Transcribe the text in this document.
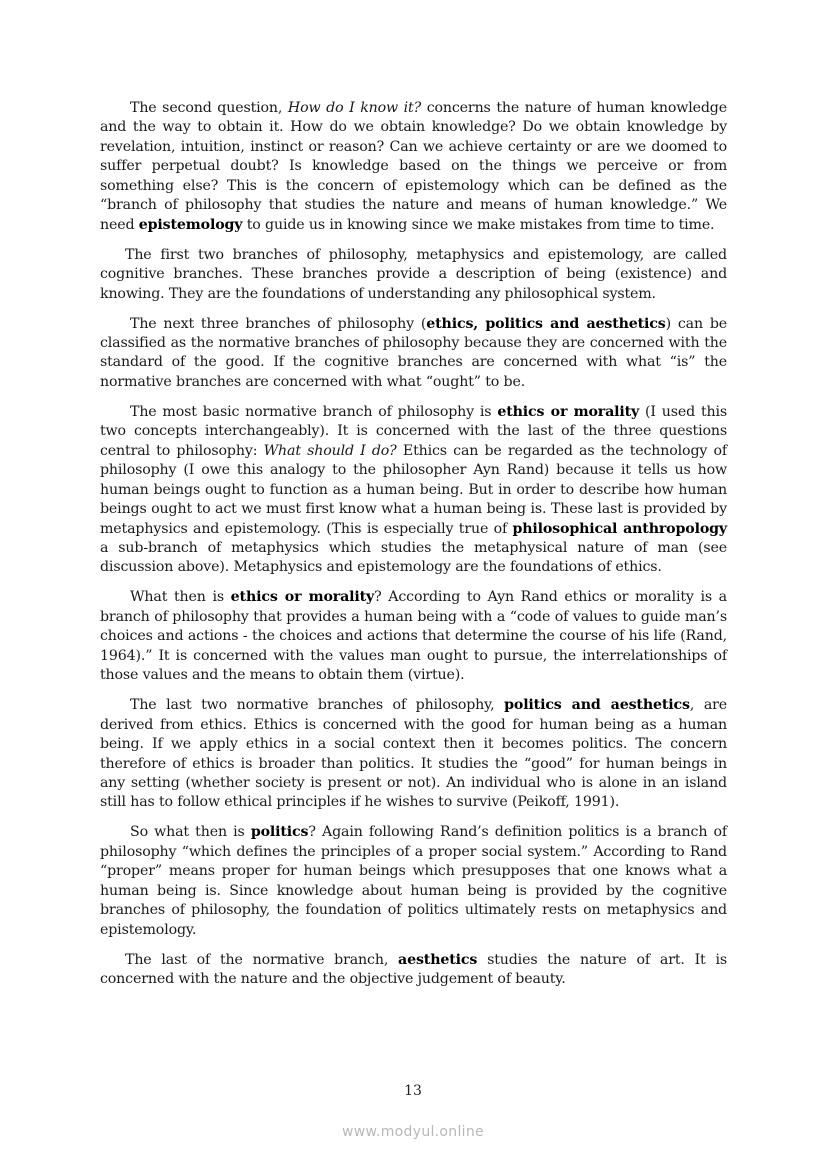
The second question, How do I know it? concerns the nature of human knowledge and the way to obtain it. How do we obtain knowledge? Do we obtain knowledge by revelation, intuition, instinct or reason? Can we achieve certainty or are we doomed to suffer perpetual doubt? Is knowledge based on the things we perceive or from something else? This is the concern of epistemology which can be defined as the “branch of philosophy that studies the nature and means of human knowledge.” We need epistemology to guide us in knowing since we make mistakes from time to time.

The first two branches of philosophy, metaphysics and epistemology, are called cognitive branches. These branches provide a description of being (existence) and knowing. They are the foundations of understanding any philosophical system.

The next three branches of philosophy (ethics, politics and aesthetics) can be classified as the normative branches of philosophy because they are concerned with the standard of the good. If the cognitive branches are concerned with what “is” the normative branches are concerned with what “ought” to be.

The most basic normative branch of philosophy is ethics or morality (I used this two concepts interchangeably). It is concerned with the last of the three questions central to philosophy: What should I do? Ethics can be regarded as the technology of philosophy (I owe this analogy to the philosopher Ayn Rand) because it tells us how human beings ought to function as a human being. But in order to describe how human beings ought to act we must first know what a human being is. These last is provided by metaphysics and epistemology. (This is especially true of philosophical anthropology a sub-branch of metaphysics which studies the metaphysical nature of man (see discussion above). Metaphysics and epistemology are the foundations of ethics.

What then is ethics or morality? According to Ayn Rand ethics or morality is a branch of philosophy that provides a human being with a “code of values to guide man’s choices and actions - the choices and actions that determine the course of his life (Rand, 1964).” It is concerned with the values man ought to pursue, the interrelationships of those values and the means to obtain them (virtue).

The last two normative branches of philosophy, politics and aesthetics, are derived from ethics. Ethics is concerned with the good for human being as a human being. If we apply ethics in a social context then it becomes politics. The concern therefore of ethics is broader than politics. It studies the “good” for human beings in any setting (whether society is present or not). An individual who is alone in an island still has to follow ethical principles if he wishes to survive (Peikoff, 1991).

So what then is politics? Again following Rand’s definition politics is a branch of philosophy “which defines the principles of a proper social system.” According to Rand “proper” means proper for human beings which presupposes that one knows what a human being is. Since knowledge about human being is provided by the cognitive branches of philosophy, the foundation of politics ultimately rests on metaphysics and epistemology.

The last of the normative branch, aesthetics studies the nature of art. It is concerned with the nature and the objective judgement of beauty.

13
www.modyul.online
